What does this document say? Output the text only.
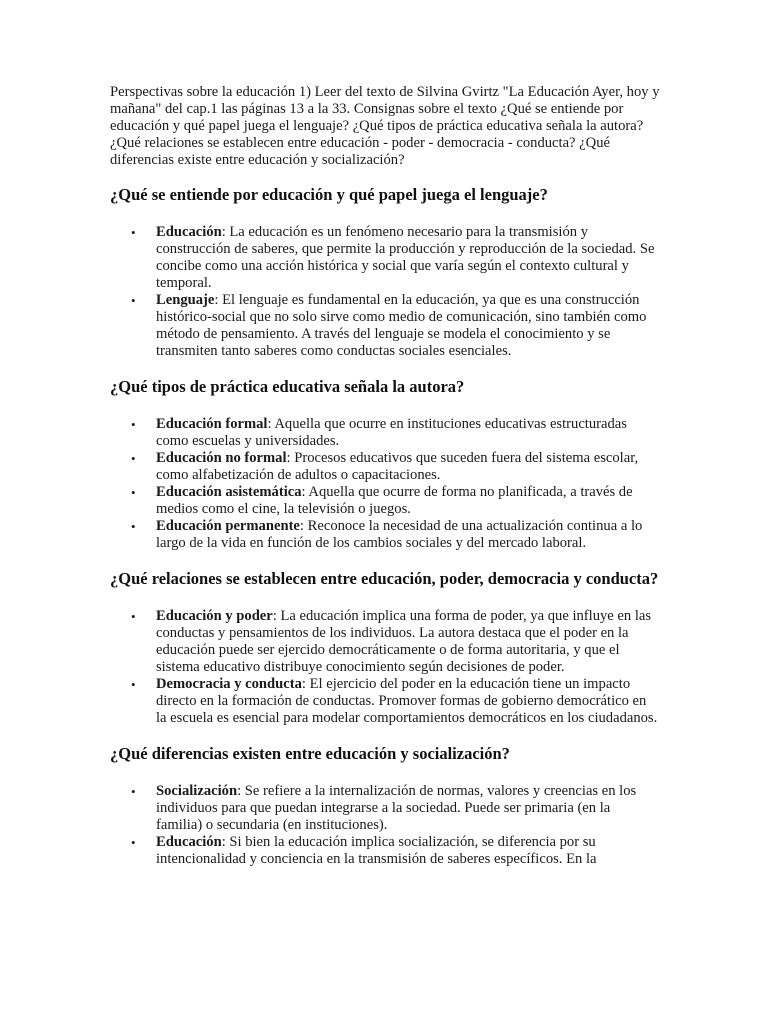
Perspectivas sobre la educación 1) Leer del texto de Silvina Gvirtz "La Educación Ayer, hoy y mañana" del cap.1 las páginas 13 a la 33. Consignas sobre el texto ¿Qué se entiende por educación y qué papel juega el lenguaje? ¿Qué tipos de práctica educativa señala la autora? ¿Qué relaciones se establecen entre educación - poder - democracia - conducta? ¿Qué diferencias existe entre educación y socialización?

¿Qué se entiende por educación y qué papel juega el lenguaje?
• Educación: La educación es un fenómeno necesario para la transmisión y construcción de saberes, que permite la producción y reproducción de la sociedad. Se concibe como una acción histórica y social que varía según el contexto cultural y temporal.
• Lenguaje: El lenguaje es fundamental en la educación, ya que es una construcción histórico-social que no solo sirve como medio de comunicación, sino también como método de pensamiento. A través del lenguaje se modela el conocimiento y se transmiten tanto saberes como conductas sociales esenciales.
¿Qué tipos de práctica educativa señala la autora?
• Educación formal: Aquella que ocurre en instituciones educativas estructuradas como escuelas y universidades.
• Educación no formal: Procesos educativos que suceden fuera del sistema escolar, como alfabetización de adultos o capacitaciones.
• Educación asistemática: Aquella que ocurre de forma no planificada, a través de medios como el cine, la televisión o juegos.
• Educación permanente: Reconoce la necesidad de una actualización continua a lo largo de la vida en función de los cambios sociales y del mercado laboral.
¿Qué relaciones se establecen entre educación, poder, democracia y conducta?
• Educación y poder: La educación implica una forma de poder, ya que influye en las conductas y pensamientos de los individuos. La autora destaca que el poder en la educación puede ser ejercido democráticamente o de forma autoritaria, y que el sistema educativo distribuye conocimiento según decisiones de poder.
• Democracia y conducta: El ejercicio del poder en la educación tiene un impacto directo en la formación de conductas. Promover formas de gobierno democrático en la escuela es esencial para modelar comportamientos democráticos en los ciudadanos.
¿Qué diferencias existen entre educación y socialización?
• Socialización: Se refiere a la internalización de normas, valores y creencias en los individuos para que puedan integrarse a la sociedad. Puede ser primaria (en la familia) o secundaria (en instituciones).
• Educación: Si bien la educación implica socialización, se diferencia por su intencionalidad y conciencia en la transmisión de saberes específicos. En la
